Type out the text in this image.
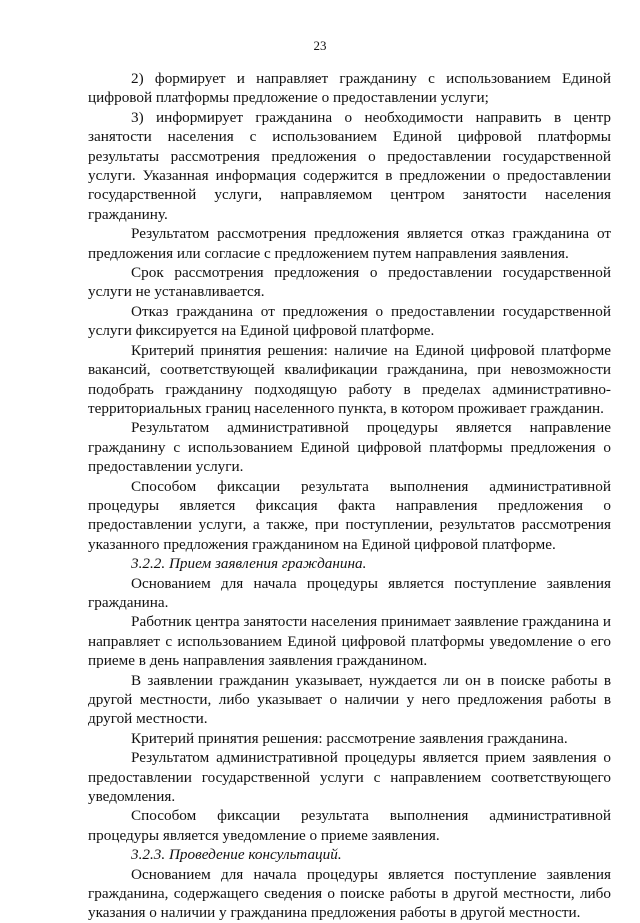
23

2) формирует и направляет гражданину с использованием Единой цифровой платформы предложение о предоставлении услуги;

3) информирует гражданина о необходимости направить в центр занятости населения с использованием Единой цифровой платформы результаты рассмотрения предложения о предоставлении государственной услуги. Указанная информация содержится в предложении о предоставлении государственной услуги, направляемом центром занятости населения гражданину.

Результатом рассмотрения предложения является отказ гражданина от предложения или согласие с предложением путем направления заявления.

Срок рассмотрения предложения о предоставлении государственной услуги не устанавливается.

Отказ гражданина от предложения о предоставлении государственной услуги фиксируется на Единой цифровой платформе.

Критерий принятия решения: наличие на Единой цифровой платформе вакансий, соответствующей квалификации гражданина, при невозможности подобрать гражданину подходящую работу в пределах административно-территориальных границ населенного пункта, в котором проживает гражданин.

Результатом административной процедуры является направление гражданину с использованием Единой цифровой платформы предложения о предоставлении услуги.

Способом фиксации результата выполнения административной процедуры является фиксация факта направления предложения о предоставлении услуги, а также, при поступлении, результатов рассмотрения указанного предложения гражданином на Единой цифровой платформе.

3.2.2. Прием заявления гражданина.

Основанием для начала процедуры является поступление заявления гражданина.

Работник центра занятости населения принимает заявление гражданина и направляет с использованием Единой цифровой платформы уведомление о его приеме в день направления заявления гражданином.

В заявлении гражданин указывает, нуждается ли он в поиске работы в другой местности, либо указывает о наличии у него предложения работы в другой местности.

Критерий принятия решения: рассмотрение заявления гражданина.

Результатом административной процедуры является прием заявления о предоставлении государственной услуги с направлением соответствующего уведомления.

Способом фиксации результата выполнения административной процедуры является уведомление о приеме заявления.

3.2.3. Проведение консультаций.

Основанием для начала процедуры является поступление заявления гражданина, содержащего сведения о поиске работы в другой местности, либо указания о наличии у гражданина предложения работы в другой местности.
